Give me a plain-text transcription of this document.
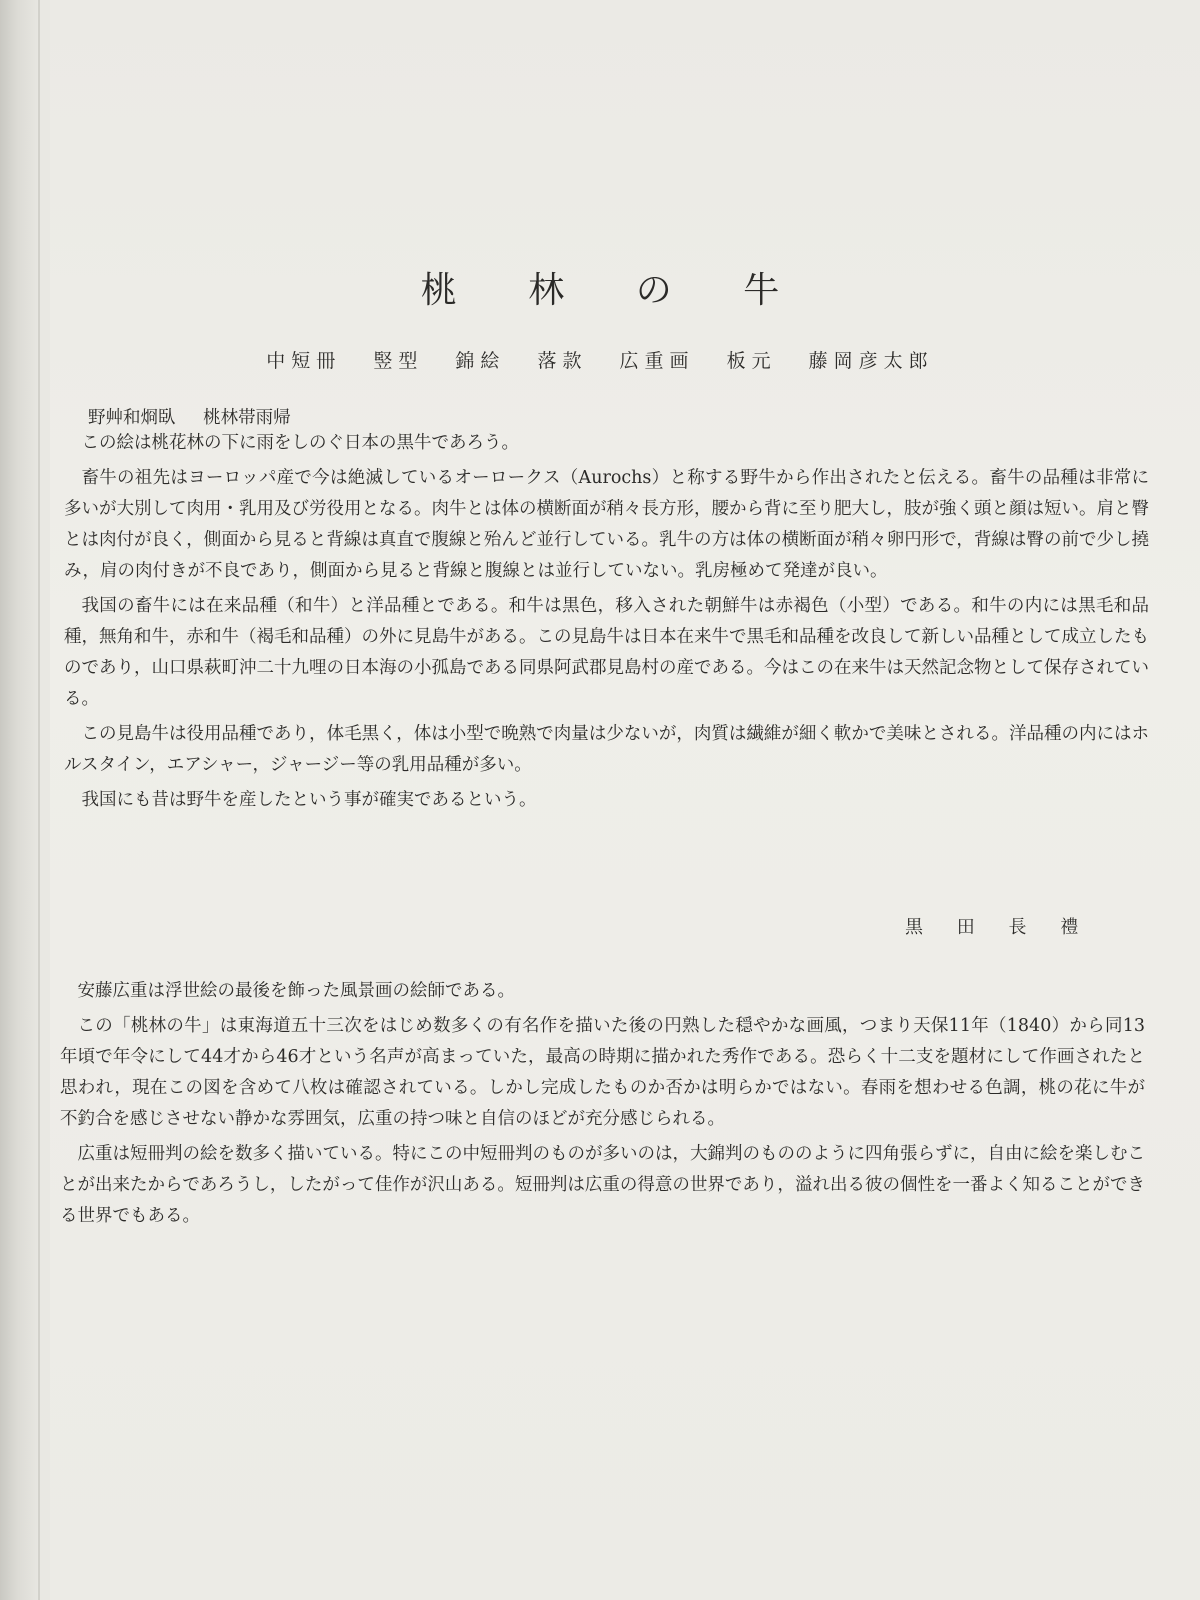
桃 林 の 牛
中短冊 竪型 錦絵 落款 広重画 板元 藤岡彦太郎
野艸和烱臥 桃林帯雨帰

この絵は桃花林の下に雨をしのぐ日本の黒牛であろう。

畜牛の祖先はヨーロッパ産で今は絶滅しているオーロークス（Aurochs）と称する野牛から作出されたと伝える。畜牛の品種は非常に多いが大別して肉用・乳用及び労役用となる。肉牛とは体の横断面が稍々長方形，腰から背に至り肥大し，肢が強く頭と顔は短い。肩と臀とは肉付が良く，側面から見ると背線は真直で腹線と殆んど並行している。乳牛の方は体の横断面が稍々卵円形で，背線は臀の前で少し撓み，肩の肉付きが不良であり，側面から見ると背線と腹線とは並行していない。乳房極めて発達が良い。

我国の畜牛には在来品種（和牛）と洋品種とである。和牛は黒色，移入された朝鮮牛は赤褐色（小型）である。和牛の内には黒毛和品種，無角和牛，赤和牛（褐毛和品種）の外に見島牛がある。この見島牛は日本在来牛で黒毛和品種を改良して新しい品種として成立したものであり，山口県萩町沖二十九哩の日本海の小孤島である同県阿武郡見島村の産である。今はこの在来牛は天然記念物として保存されている。

この見島牛は役用品種であり，体毛黒く，体は小型で晩熟で肉量は少ないが，肉質は繊維が細く軟かで美味とされる。洋品種の内にはホルスタイン，エアシャー，ジャージー等の乳用品種が多い。

我国にも昔は野牛を産したという事が確実であるという。

黒 田 長 禮

安藤広重は浮世絵の最後を飾った風景画の絵師である。

この「桃林の牛」は東海道五十三次をはじめ数多くの有名作を描いた後の円熟した穏やかな画風，つまり天保11年（1840）から同13年頃で年令にして44才から46才という名声が高まっていた，最高の時期に描かれた秀作である。恐らく十二支を題材にして作画されたと思われ，現在この図を含めて八枚は確認されている。しかし完成したものか否かは明らかではない。春雨を想わせる色調，桃の花に牛が不釣合を感じさせない静かな雰囲気，広重の持つ味と自信のほどが充分感じられる。

広重は短冊判の絵を数多く描いている。特にこの中短冊判のものが多いのは，大錦判のもののように四角張らずに，自由に絵を楽しむことが出来たからであろうし，したがって佳作が沢山ある。短冊判は広重の得意の世界であり，溢れ出る彼の個性を一番よく知ることができる世界でもある。
